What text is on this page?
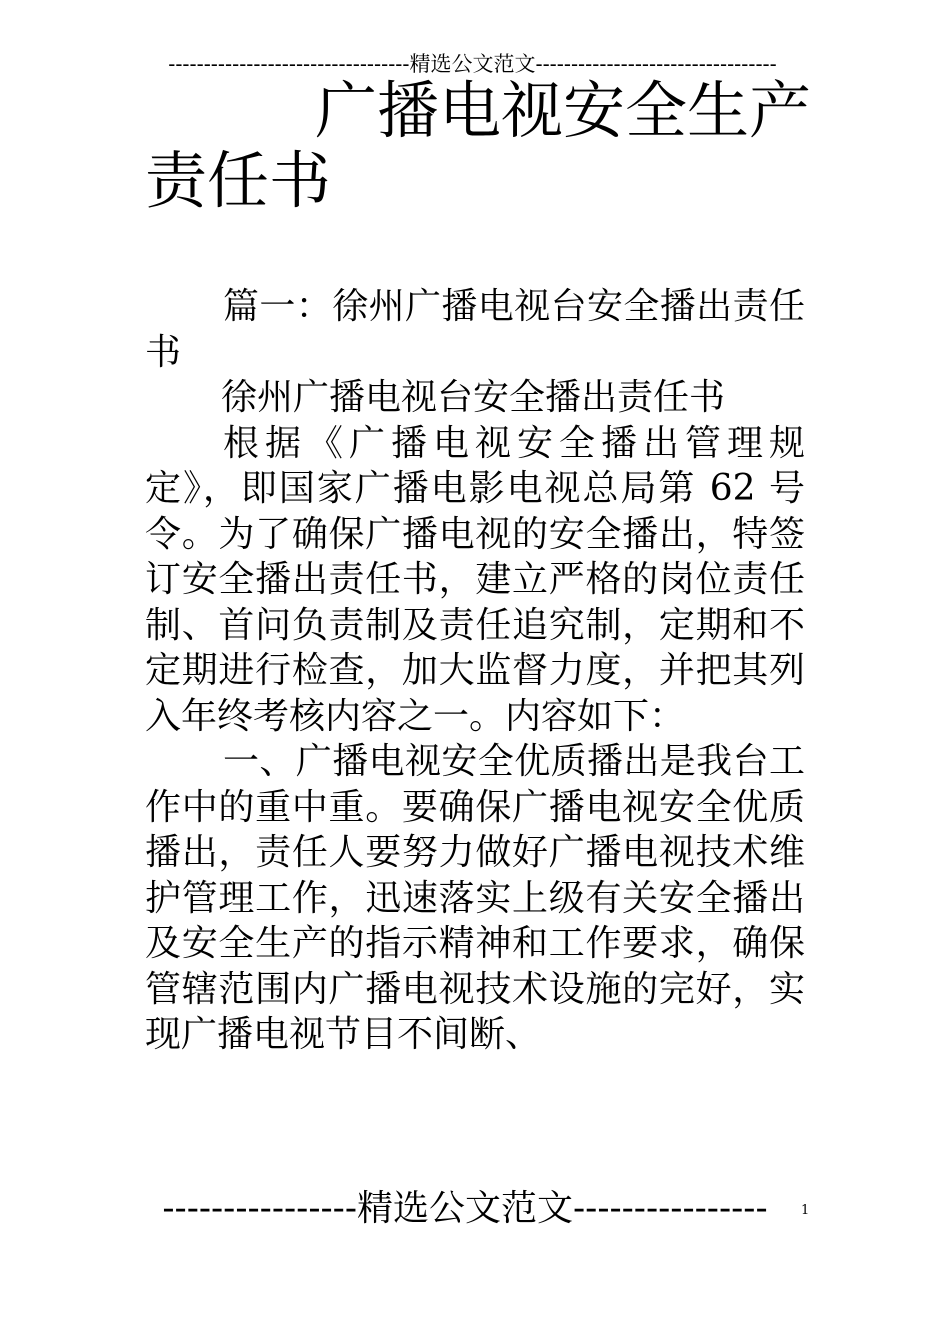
----------------------------------精选公文范文----------------------------------
广播电视安全生产
责任书

篇一：徐州广播电视台安全播出责任书

徐州广播电视台安全播出责任书

根据《广播电视安全播出管理规定》，即国家广播电影电视总局第 62 号令。为了确保广播电视的安全播出，特签订安全播出责任书，建立严格的岗位责任制、首问负责制及责任追究制，定期和不定期进行检查，加大监督力度，并把其列入年终考核内容之一。内容如下：

一、广播电视安全优质播出是我台工作中的重中重。要确保广播电视安全优质播出，责任人要努力做好广播电视技术维护管理工作，迅速落实上级有关安全播出及安全生产的指示精神和工作要求，确保管辖范围内广播电视技术设施的完好，实现广播电视节目不间断、

----------------精选公文范文----------------	1
